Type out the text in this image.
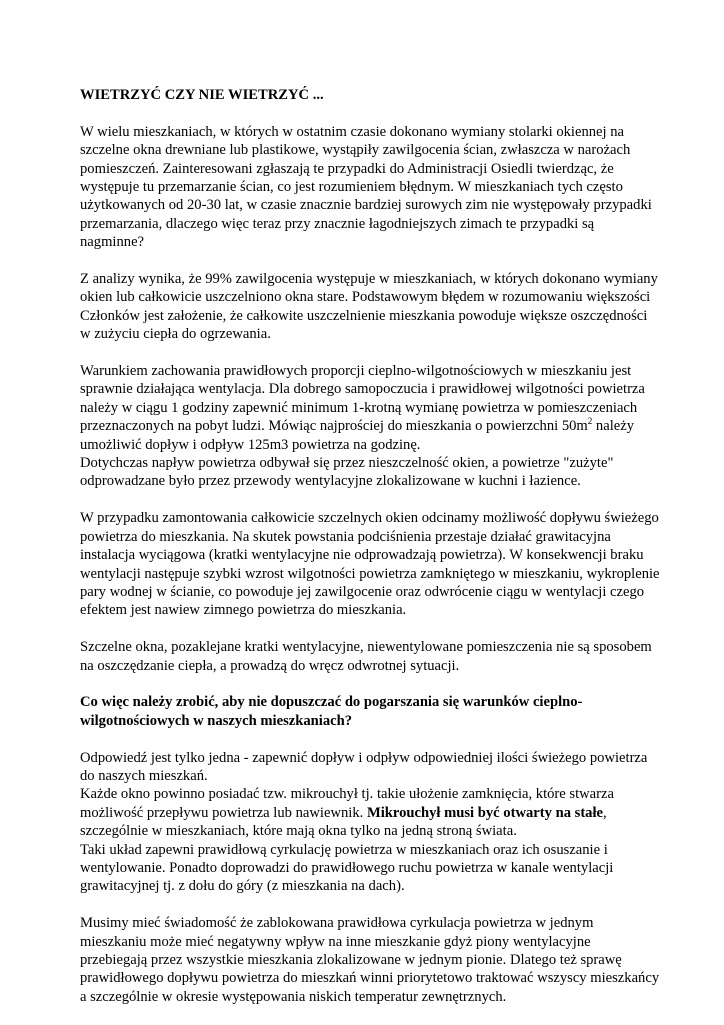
WIETRZYĆ CZY NIE WIETRZYĆ ...

W wielu mieszkaniach, w których w ostatnim czasie dokonano wymiany stolarki okiennej na szczelne okna drewniane lub plastikowe, wystąpiły zawilgocenia ścian, zwłaszcza w narożach pomieszczeń. Zainteresowani zgłaszają te przypadki do Administracji Osiedli twierdząc, że występuje tu przemarzanie ścian, co jest rozumieniem błędnym. W mieszkaniach tych często użytkowanych od 20-30 lat, w czasie znacznie bardziej surowych zim nie występowały przypadki przemarzania, dlaczego więc teraz przy znacznie łagodniejszych zimach te przypadki są nagminne?

Z analizy wynika, że 99% zawilgocenia występuje w mieszkaniach, w których dokonano wymiany okien lub całkowicie uszczelniono okna stare. Podstawowym błędem w rozumowaniu większości Członków jest założenie, że całkowite uszczelnienie mieszkania powoduje większe oszczędności w zużyciu ciepła do ogrzewania.

Warunkiem zachowania prawidłowych proporcji cieplno-wilgotnościowych w mieszkaniu jest sprawnie działająca wentylacja. Dla dobrego samopoczucia i prawidłowej wilgotności powietrza należy w ciągu 1 godziny zapewnić minimum 1-krotną wymianę powietrza w pomieszczeniach przeznaczonych na pobyt ludzi. Mówiąc najprościej do mieszkania o powierzchni $50m^2$ należy umożliwić dopływ i odpływ 125m3 powietrza na godzinę.

Dotychczas napływ powietrza odbywał się przez nieszczelność okien, a powietrze "zużyte" odprowadzane było przez przewody wentylacyjne zlokalizowane w kuchni i łazience.

W przypadku zamontowania całkowicie szczelnych okien odcinamy możliwość dopływu świeżego powietrza do mieszkania. Na skutek powstania podciśnienia przestaje działać grawitacyjna instalacja wyciągowa (kratki wentylacyjne nie odprowadzają powietrza). W konsekwencji braku wentylacji następuje szybki wzrost wilgotności powietrza zamkniętego w mieszkaniu, wykroplenie pary wodnej w ścianie, co powoduje jej zawilgocenie oraz odwrócenie ciągu w wentylacji czego efektem jest nawiew zimnego powietrza do mieszkania.

Szczelne okna, pozaklejane kratki wentylacyjne, niewentylowane pomieszczenia nie są sposobem na oszczędzanie ciepła, a prowadzą do wręcz odwrotnej sytuacji.

Co więc należy zrobić, aby nie dopuszczać do pogarszania się warunków cieplno-wilgotnościowych w naszych mieszkaniach?

Odpowiedź jest tylko jedna - zapewnić dopływ i odpływ odpowiedniej ilości świeżego powietrza do naszych mieszkań.

Każde okno powinno posiadać tzw. mikrouchył tj. takie ułożenie zamknięcia, które stwarza możliwość przepływu powietrza lub nawiewnik. Mikrouchył musi być otwarty na stałe, szczególnie w mieszkaniach, które mają okna tylko na jedną stroną świata.

Taki układ zapewni prawidłową cyrkulację powietrza w mieszkaniach oraz ich osuszanie i wentylowanie. Ponadto doprowadzi do prawidłowego ruchu powietrza w kanale wentylacji grawitacyjnej tj. z dołu do góry (z mieszkania na dach).

Musimy mieć świadomość że zablokowana prawidłowa cyrkulacja powietrza w jednym mieszkaniu może mieć negatywny wpływ na inne mieszkanie gdyż piony wentylacyjne przebiegają przez wszystkie mieszkania zlokalizowane w jednym pionie. Dlatego też sprawę prawidłowego dopływu powietrza do mieszkań winni priorytetowo traktować wszyscy mieszkańcy a szczególnie w okresie występowania niskich temperatur zewnętrznych.
